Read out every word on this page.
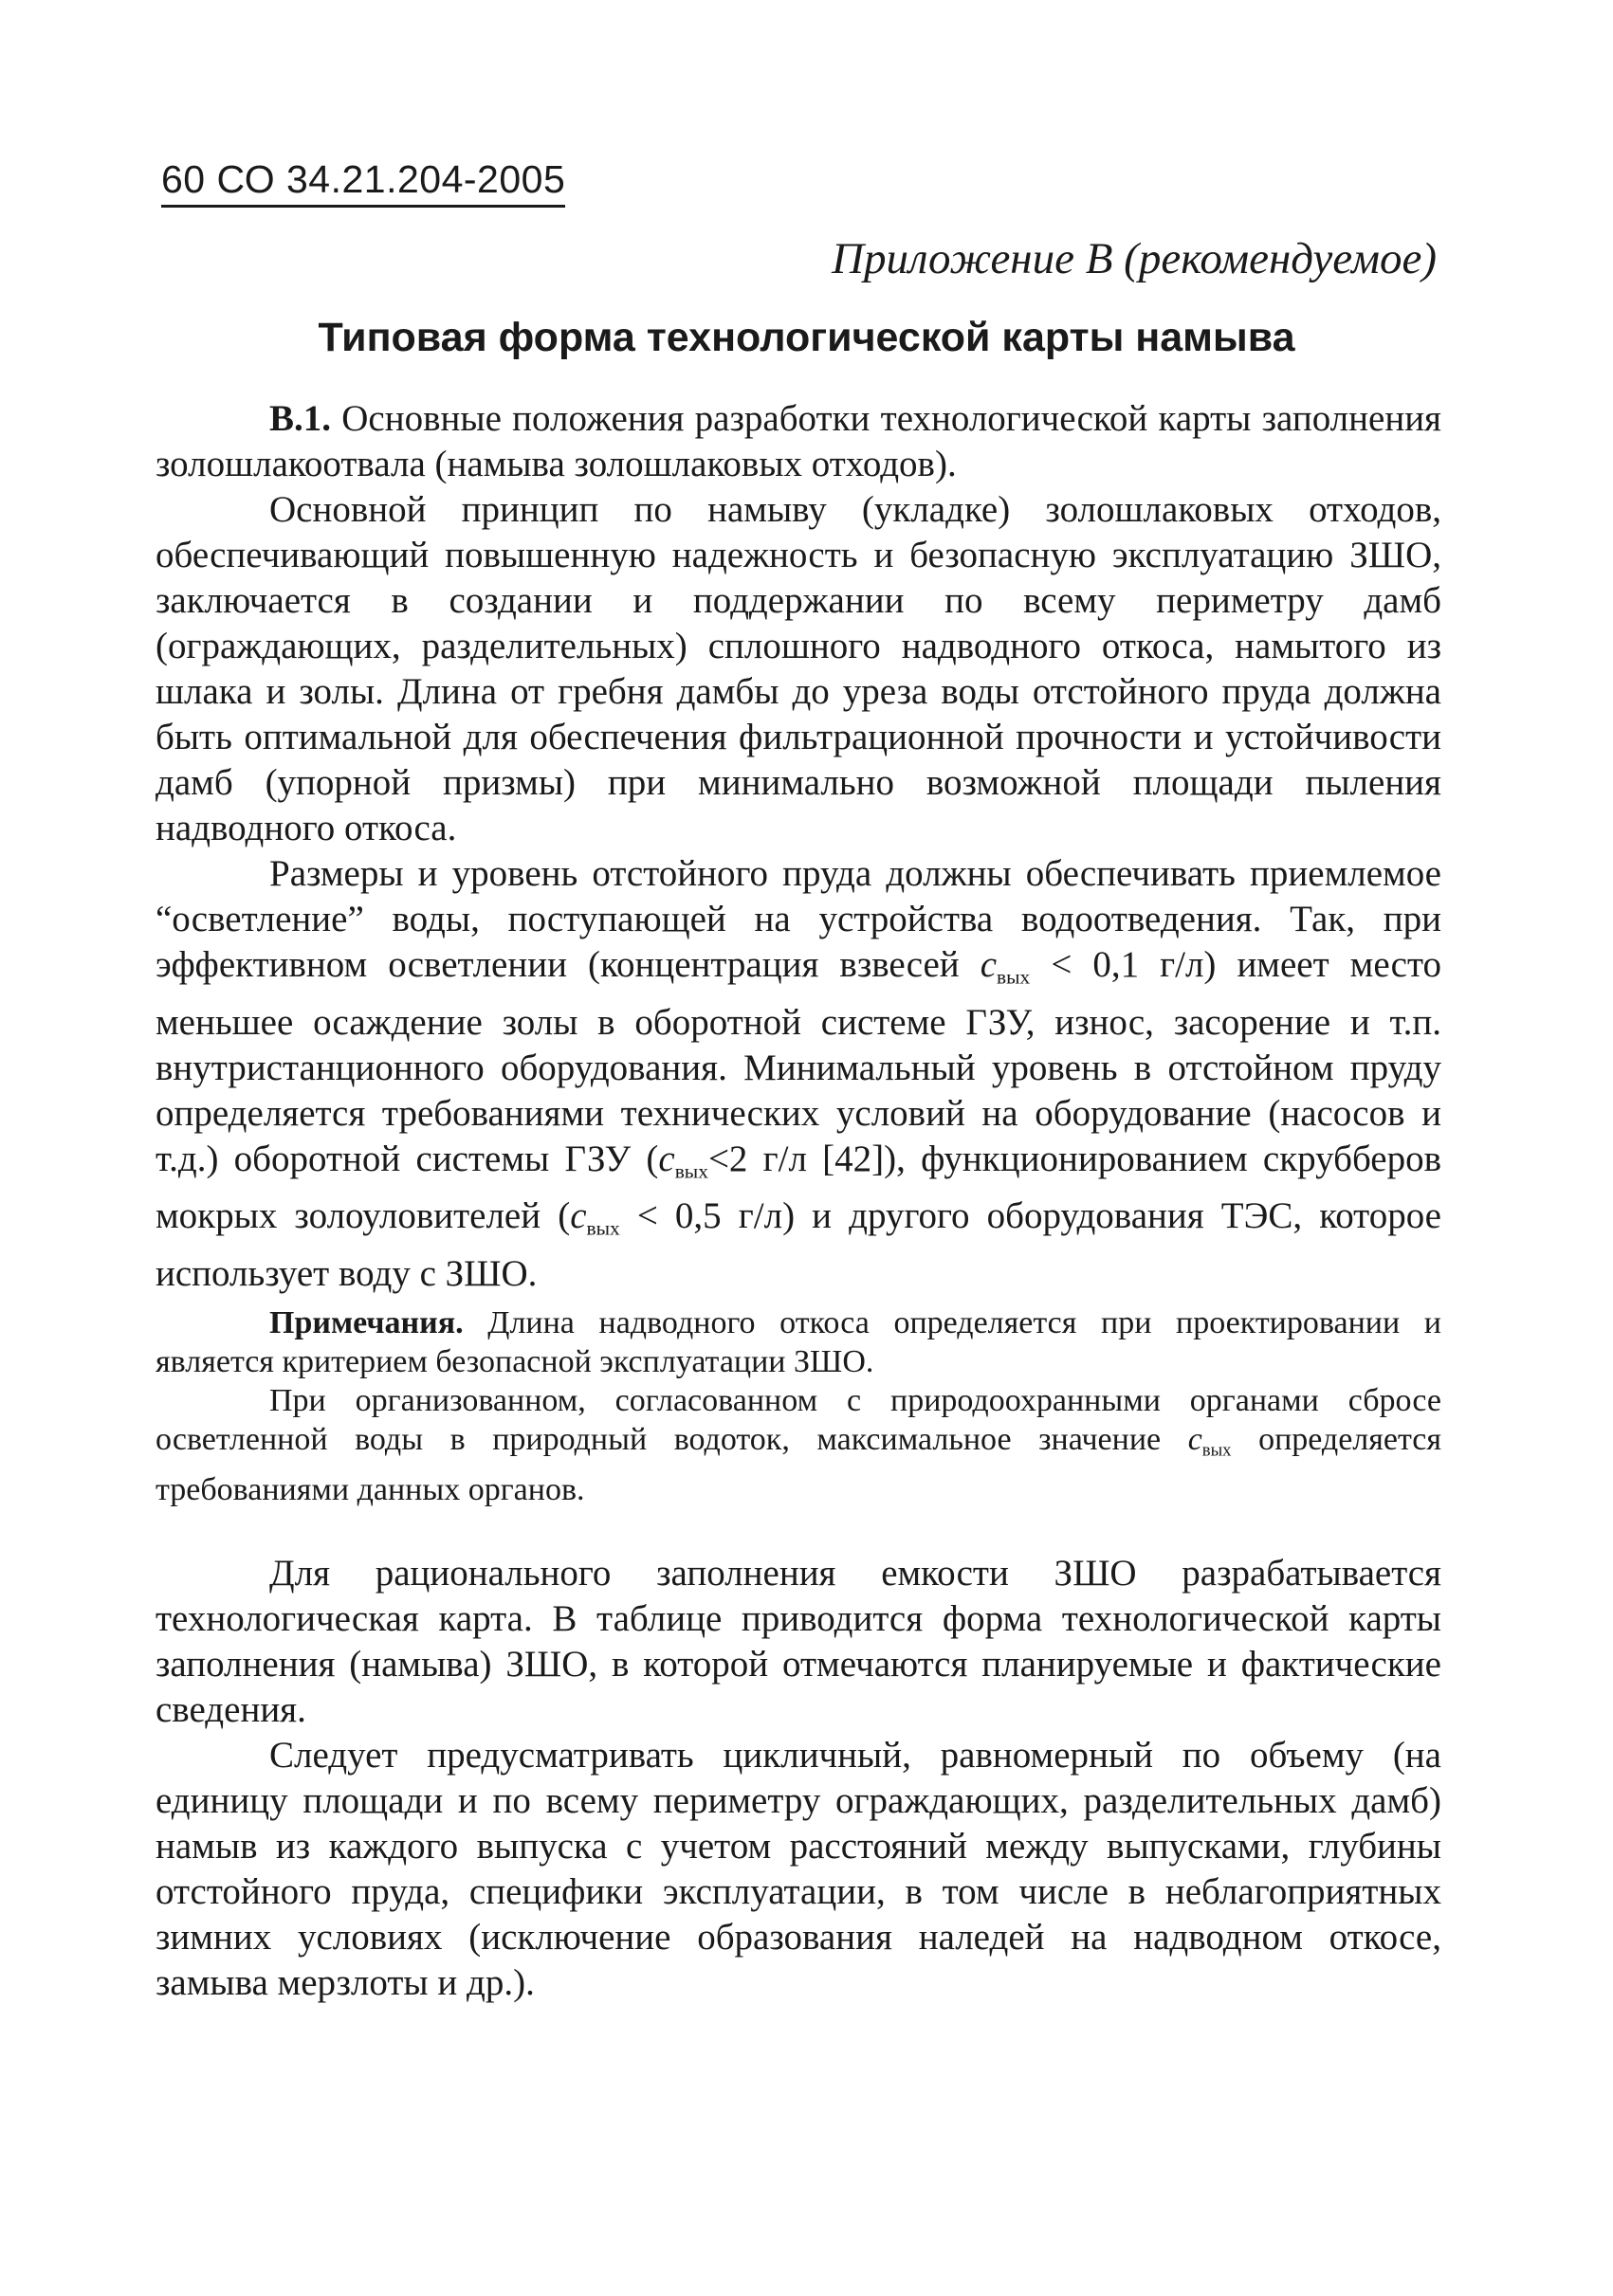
60 СО 34.21.204-2005
Приложение В (рекомендуемое)
Типовая форма технологической карты намыва

В.1. Основные положения разработки технологической карты заполнения золошлакоотвала (намыва золошлаковых отходов).

Основной принцип по намыву (укладке) золошлаковых отходов, обеспечивающий повышенную надежность и безопасную эксплуатацию ЗШО, заключается в создании и поддержании по всему периметру дамб (ограждающих, разделительных) сплошного надводного откоса, намытого из шлака и золы. Длина от гребня дамбы до уреза воды отстойного пруда должна быть оптимальной для обеспечения фильтрационной прочности и устойчивости дамб (упорной призмы) при минимально возможной площади пыления надводного откоса.

Размеры и уровень отстойного пруда должны обеспечивать приемлемое “осветление” воды, поступающей на устройства водоотведения. Так, при эффективном осветлении (концентрация взвесей $c_{вых} < 0,1$ г/л) имеет место меньшее осаждение золы в оборотной системе ГЗУ, износ, засорение и т.п. внутристанционного оборудования. Минимальный уровень в отстойном пруду определяется требованиями технических условий на оборудование (насосов и т.д.) оборотной системы ГЗУ ($c_{вых}<2$ г/л [42]), функционированием скрубберов мокрых золоуловителей ($c_{вых} < 0,5$ г/л) и другого оборудования ТЭС, которое использует воду с ЗШО.

Примечания. Длина надводного откоса определяется при проектировании и является критерием безопасной эксплуатации ЗШО.

При организованном, согласованном с природоохранными органами сбросе осветленной воды в природный водоток, максимальное значение $c_{вых}$ определяется требованиями данных органов.

Для рационального заполнения емкости ЗШО разрабатывается технологическая карта. В таблице приводится форма технологической карты заполнения (намыва) ЗШО, в которой отмечаются планируемые и фактические сведения.

Следует предусматривать цикличный, равномерный по объему (на единицу площади и по всему периметру ограждающих, разделительных дамб) намыв из каждого выпуска с учетом расстояний между выпусками, глубины отстойного пруда, специфики эксплуатации, в том числе в неблагоприятных зимних условиях (исключение образования наледей на надводном откосе, замыва мерзлоты и др.).
